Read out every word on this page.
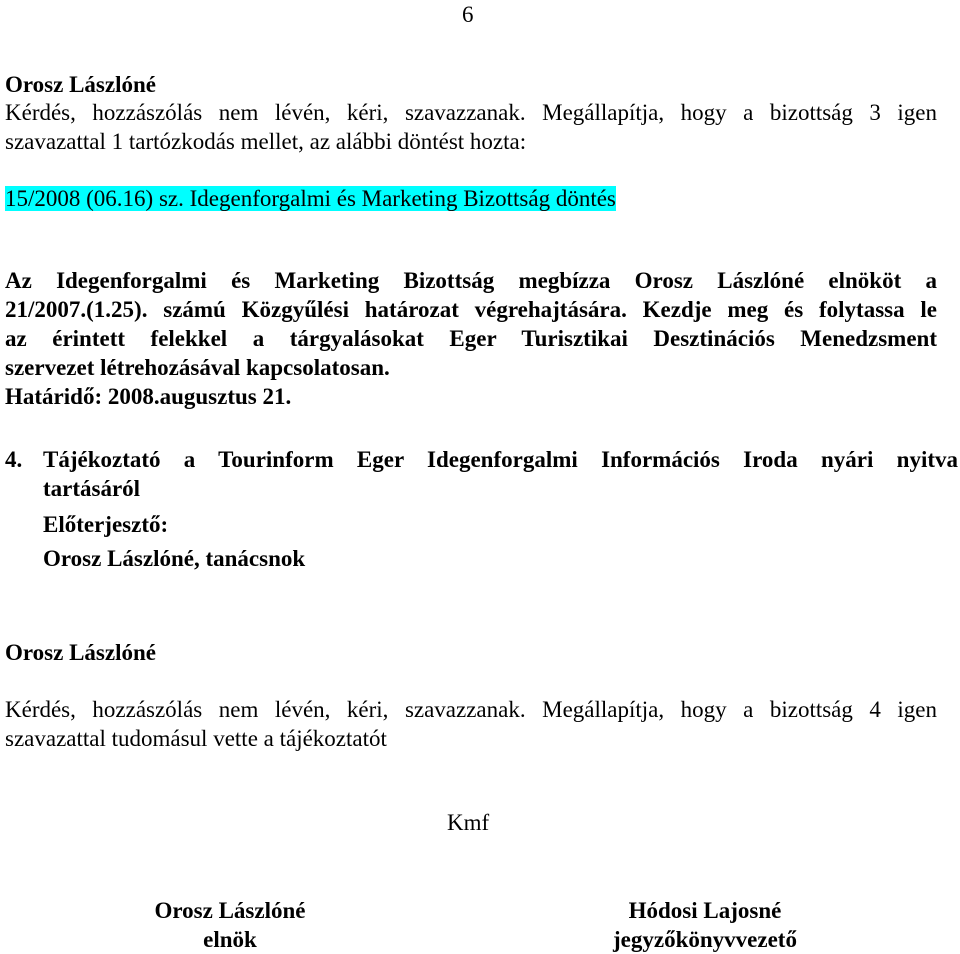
6
Orosz Lászlóné
Kérdés, hozzászólás nem lévén, kéri, szavazzanak. Megállapítja, hogy a bizottság 3 igen
szavazattal 1 tartózkodás mellet, az alábbi döntést hozta:
15/2008 (06.16) sz. Idegenforgalmi és Marketing Bizottság döntés
Az Idegenforgalmi és Marketing Bizottság megbízza Orosz Lászlóné elnököt a
21/2007.(1.25). számú Közgyűlési határozat végrehajtására. Kezdje meg és folytassa le
az érintett felekkel a tárgyalásokat Eger Turisztikai Desztinációs Menedzsment
szervezet létrehozásával kapcsolatosan.
Határidő: 2008.augusztus 21.
4. Tájékoztató a Tourinform Eger Idegenforgalmi Információs Iroda nyári nyitva
tartásáról
Előterjesztő:
Orosz Lászlóné, tanácsnok
Orosz Lászlóné
Kérdés, hozzászólás nem lévén, kéri, szavazzanak. Megállapítja, hogy a bizottság 4 igen
szavazattal tudomásul vette a tájékoztatót
Kmf
Orosz Lászlóné
elnök
Hódosi Lajosné
jegyzőkönyvvezető
